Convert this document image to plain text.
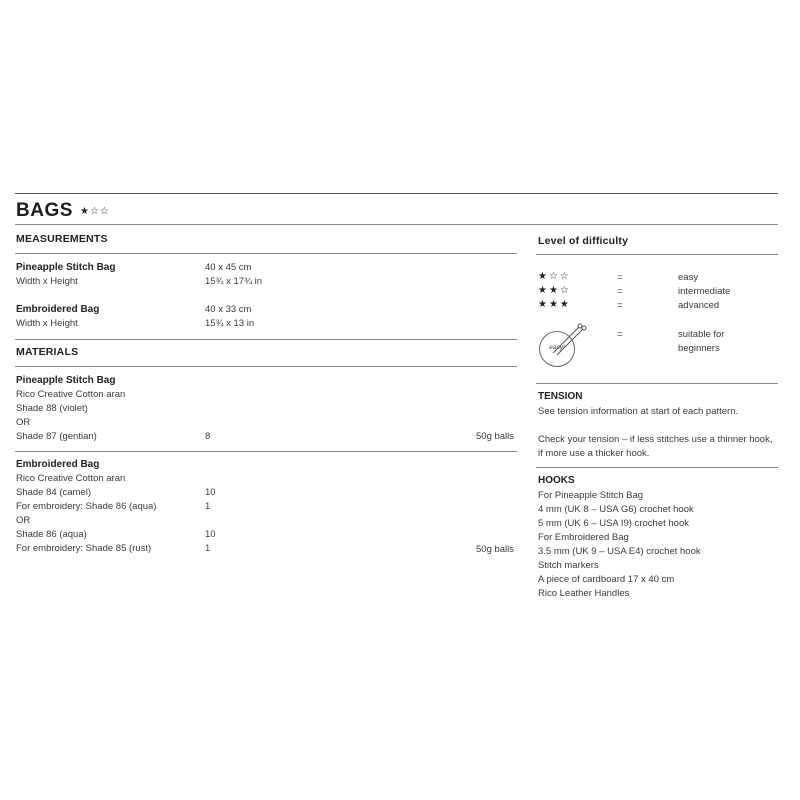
BAGS ★☆☆
MEASUREMENTS
Pineapple Stitch Bag	40 x 45 cm
Width x Height	15¾ x 17¾ in
Embroidered Bag	40 x 33 cm
Width x Height	15¾ x 13 in
MATERIALS
Pineapple Stitch Bag
Rico Creative Cotton aran
Shade 88 (violet)
OR
Shade 87 (gentian)	8	50g balls
Embroidered Bag
Rico Creative Cotton aran
Shade 84 (camel)	10
For embroidery: Shade 86 (aqua)	1
OR
Shade 86 (aqua)	10
For embroidery: Shade 85 (rust)	1	50g balls
Level of difficulty
★☆☆	=	easy
★★☆	=	intermediate
★★★	=	advanced
easy!
=	suitable for
beginners
TENSION
See tension information at start of each pattern.
Check your tension – if less stitches use a thinner hook,
if more use a thicker hook.
HOOKS
For Pineapple Stitch Bag
4 mm (UK 8 – USA G6) crochet hook
5 mm (UK 6 – USA I9) crochet hook
For Embroidered Bag
3.5 mm (UK 9 – USA E4) crochet hook
Stitch markers
A piece of cardboard 17 x 40 cm
Rico Leather Handles
